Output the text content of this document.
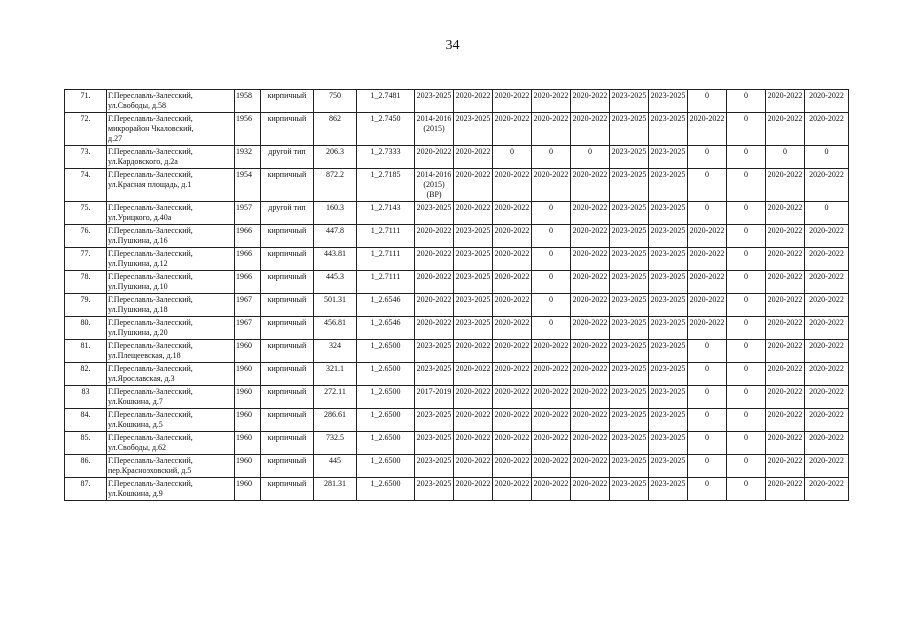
34
71.	Г.Переславль-Залесский,
ул.Свободы, д.58	1958	кирпичный	750	1_2.7481	2023-2025	2020-2022	2020-2022	2020-2022	2020-2022	2023-2025	2023-2025	0	0	2020-2022	2020-2022
72.	Г.Переславль-Залесский,
микрорайон Чкаловский,
д.27	1956	кирпичный	862	1_2.7450	2014-2016 (2015)	2023-2025	2020-2022	2020-2022	2020-2022	2023-2025	2023-2025	2020-2022	0	2020-2022	2020-2022
73.	Г.Переславль-Залесский,
ул.Кардовского, д.2а	1932	другой тип	206.3	1_2.7333	2020-2022	2020-2022	0	0	0	2023-2025	2023-2025	0	0	0	0
74.	Г.Переславль-Залесский,
ул.Красная площадь, д.1	1954	кирпичный	872.2	1_2.7185	2014-2016 (2015) (ВР)	2020-2022	2020-2022	2020-2022	2020-2022	2023-2025	2023-2025	0	0	2020-2022	2020-2022
75.	Г.Переславль-Залесский,
ул.Урицкого, д.40а	1957	другой тип	160.3	1_2.7143	2023-2025	2020-2022	2020-2022	0	2020-2022	2023-2025	2023-2025	0	0	2020-2022	0
76.	Г.Переславль-Залесский,
ул.Пушкина, д.16	1966	кирпичный	447.8	1_2.7111	2020-2022	2023-2025	2020-2022	0	2020-2022	2023-2025	2023-2025	2020-2022	0	2020-2022	2020-2022
77.	Г.Переславль-Залесский,
ул.Пушкина, д.12	1966	кирпичный	443.81	1_2.7111	2020-2022	2023-2025	2020-2022	0	2020-2022	2023-2025	2023-2025	2020-2022	0	2020-2022	2020-2022
78.	Г.Переславль-Залесский,
ул.Пушкина, д.10	1966	кирпичный	445.3	1_2.7111	2020-2022	2023-2025	2020-2022	0	2020-2022	2023-2025	2023-2025	2020-2022	0	2020-2022	2020-2022
79.	Г.Переславль-Залесский,
ул.Пушкина, д.18	1967	кирпичный	501.31	1_2.6546	2020-2022	2023-2025	2020-2022	0	2020-2022	2023-2025	2023-2025	2020-2022	0	2020-2022	2020-2022
80.	Г.Переславль-Залесский,
ул.Пушкина, д.20	1967	кирпичный	456.81	1_2.6546	2020-2022	2023-2025	2020-2022	0	2020-2022	2023-2025	2023-2025	2020-2022	0	2020-2022	2020-2022
81.	Г.Переславль-Залесский,
ул.Плещеевская, д.18	1960	кирпичный	324	1_2.6500	2023-2025	2020-2022	2020-2022	2020-2022	2020-2022	2023-2025	2023-2025	0	0	2020-2022	2020-2022
82.	Г.Переславль-Залесский,
ул.Ярославская, д.3	1960	кирпичный	321.1	1_2.6500	2023-2025	2020-2022	2020-2022	2020-2022	2020-2022	2023-2025	2023-2025	0	0	2020-2022	2020-2022
83	Г.Переславль-Залесский,
ул.Кошкина, д.7	1960	кирпичный	272.11	1_2.6500	2017-2019	2020-2022	2020-2022	2020-2022	2020-2022	2023-2025	2023-2025	0	0	2020-2022	2020-2022
84.	Г.Переславль-Залесский,
ул.Кошкина, д.5	1960	кирпичный	286.61	1_2.6500	2023-2025	2020-2022	2020-2022	2020-2022	2020-2022	2023-2025	2023-2025	0	0	2020-2022	2020-2022
85.	Г.Переславль-Залесский,
ул.Свободы, д.62	1960	кирпичный	732.5	1_2.6500	2023-2025	2020-2022	2020-2022	2020-2022	2020-2022	2023-2025	2023-2025	0	0	2020-2022	2020-2022
86.	Г.Переславль-Залесский,
пер.Красноэховский, д.5	1960	кирпичный	445	1_2.6500	2023-2025	2020-2022	2020-2022	2020-2022	2020-2022	2023-2025	2023-2025	0	0	2020-2022	2020-2022
87.	Г.Переславль-Залесский,
ул.Кошкина, д.9	1960	кирпичный	281.31	1_2.6500	2023-2025	2020-2022	2020-2022	2020-2022	2020-2022	2023-2025	2023-2025	0	0	2020-2022	2020-2022
